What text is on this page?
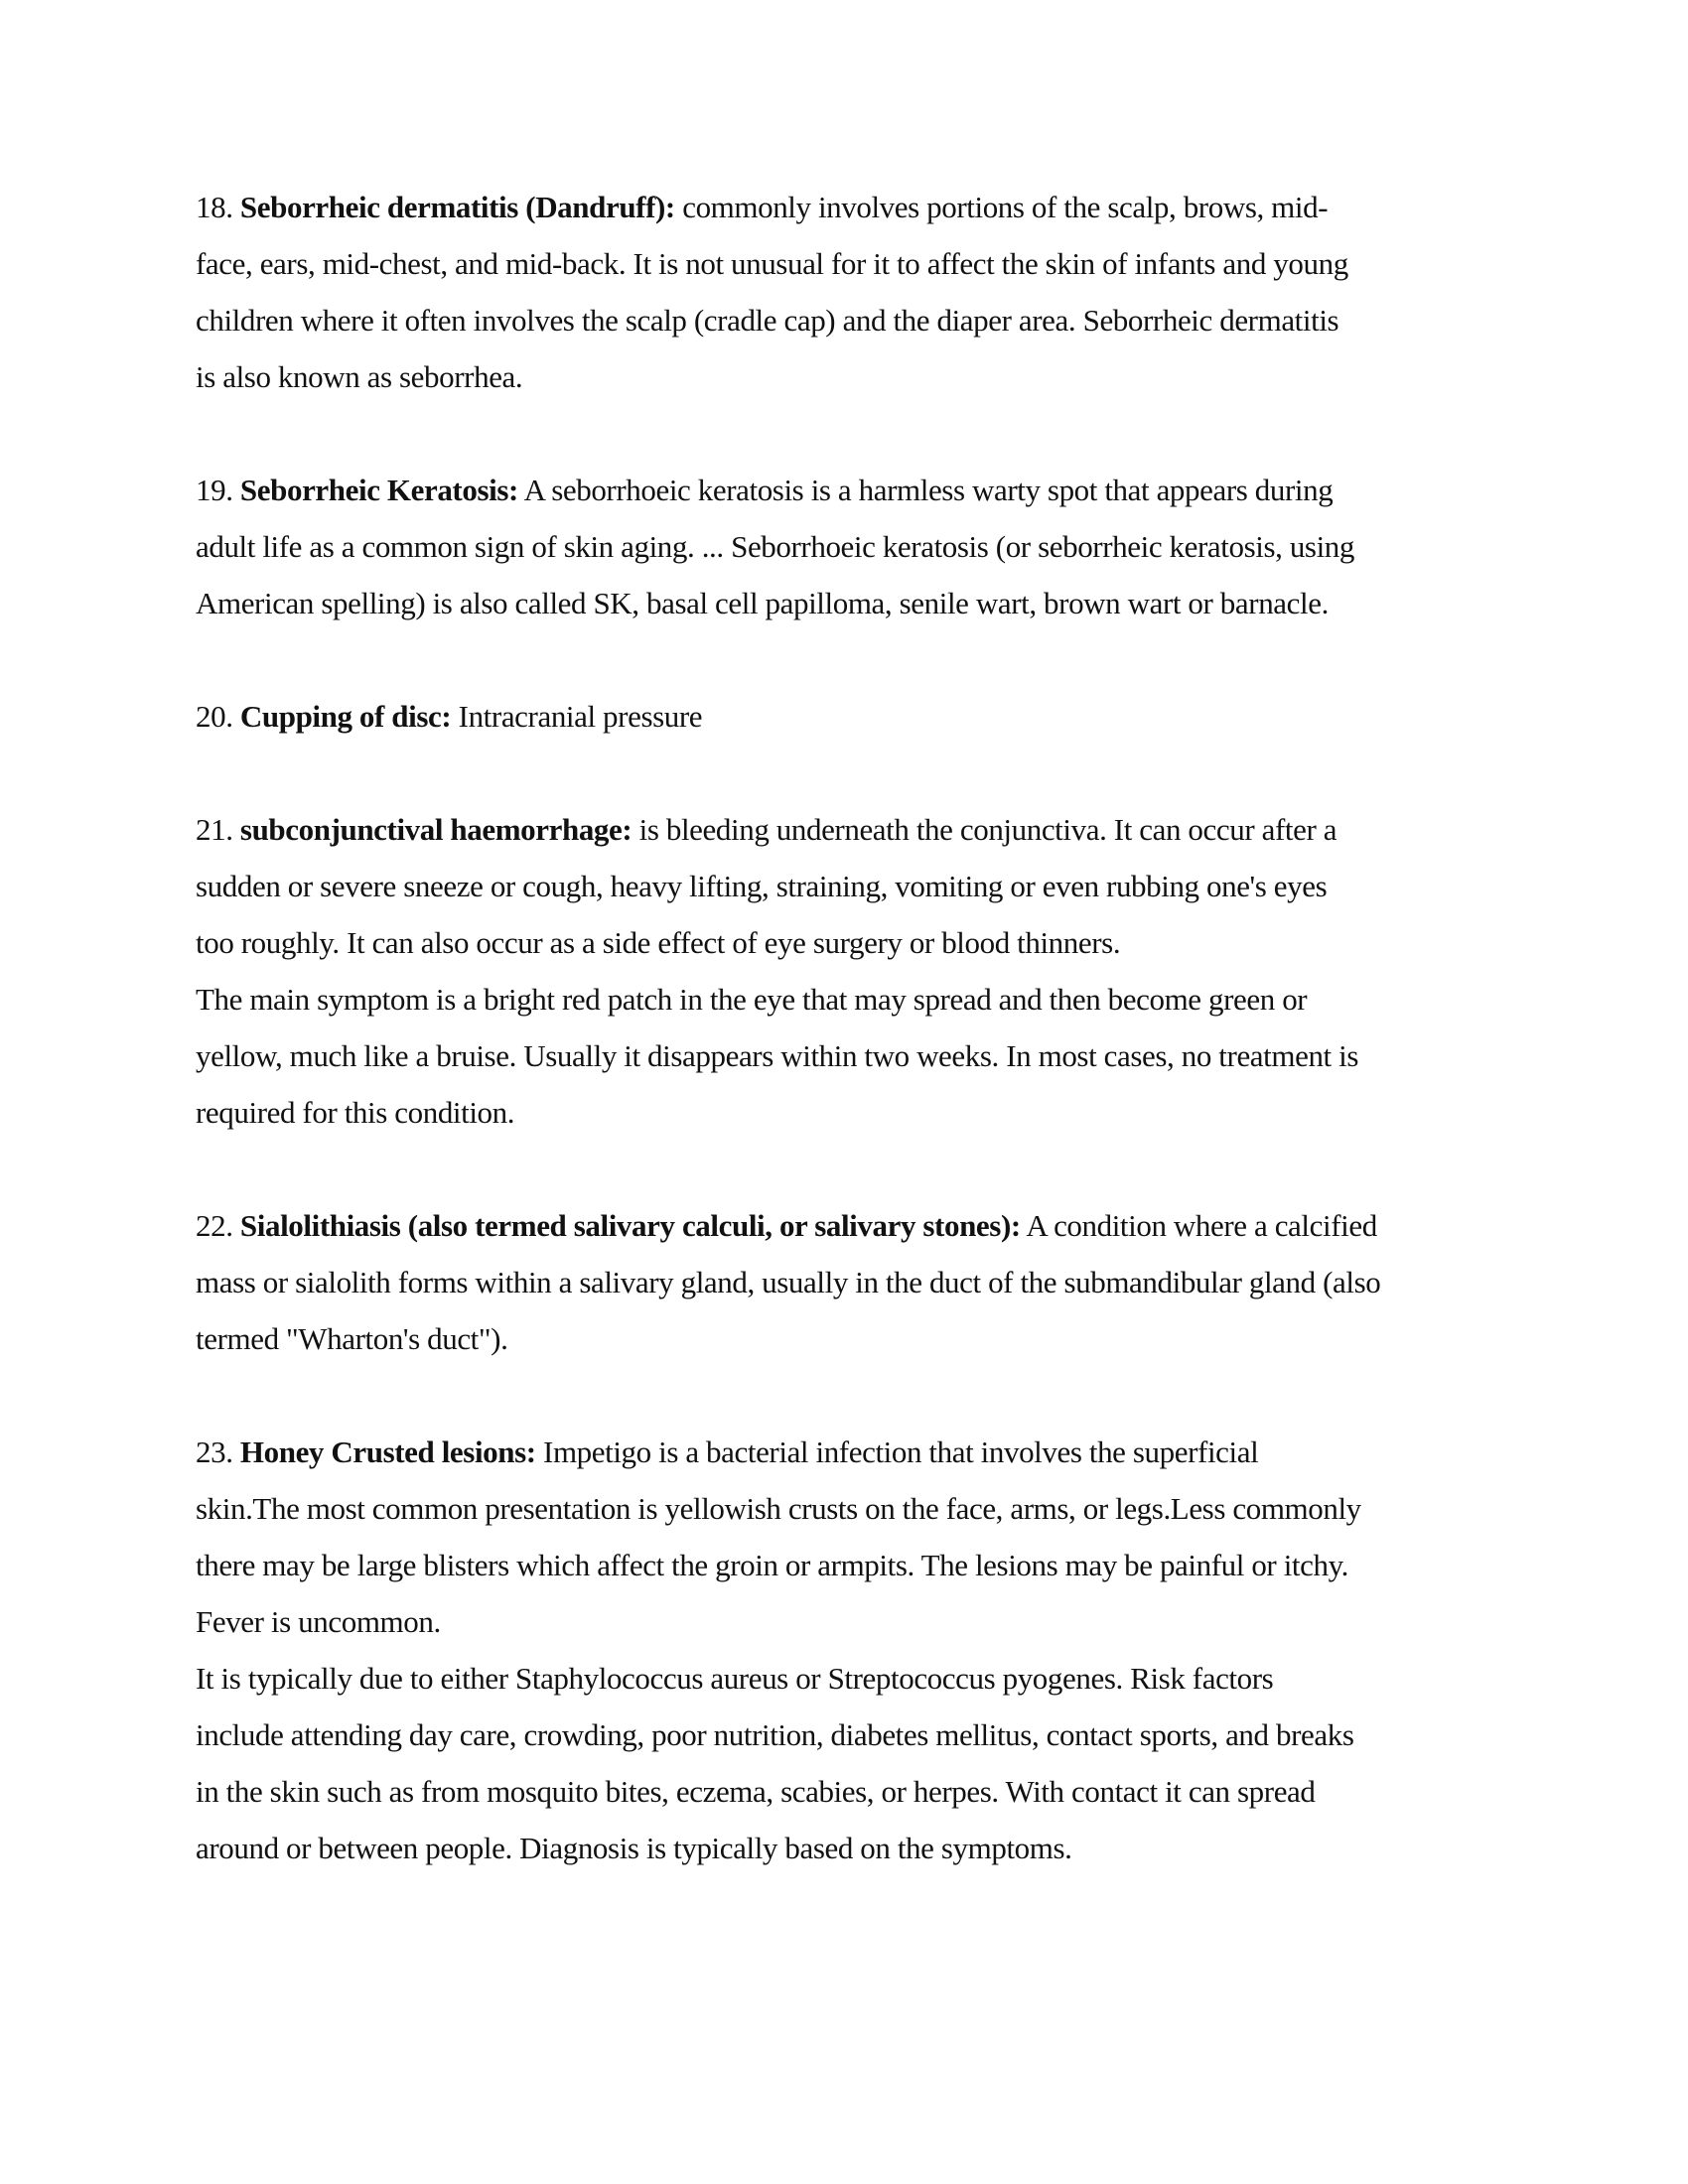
18. Seborrheic dermatitis (Dandruff): commonly involves portions of the scalp, brows, mid-
face, ears, mid-chest, and mid-back. It is not unusual for it to affect the skin of infants and young
children where it often involves the scalp (cradle cap) and the diaper area. Seborrheic dermatitis
is also known as seborrhea.
19. Seborrheic Keratosis: A seborrhoeic keratosis is a harmless warty spot that appears during
adult life as a common sign of skin aging. ... Seborrhoeic keratosis (or seborrheic keratosis, using
American spelling) is also called SK, basal cell papilloma, senile wart, brown wart or barnacle.
20. Cupping of disc: Intracranial pressure
21. subconjunctival haemorrhage: is bleeding underneath the conjunctiva. It can occur after a
sudden or severe sneeze or cough, heavy lifting, straining, vomiting or even rubbing one's eyes
too roughly. It can also occur as a side effect of eye surgery or blood thinners.
The main symptom is a bright red patch in the eye that may spread and then become green or
yellow, much like a bruise. Usually it disappears within two weeks. In most cases, no treatment is
required for this condition.
22. Sialolithiasis (also termed salivary calculi, or salivary stones): A condition where a calcified
mass or sialolith forms within a salivary gland, usually in the duct of the submandibular gland (also
termed "Wharton's duct").
23. Honey Crusted lesions: Impetigo is a bacterial infection that involves the superficial
skin.The most common presentation is yellowish crusts on the face, arms, or legs.Less commonly
there may be large blisters which affect the groin or armpits. The lesions may be painful or itchy.
Fever is uncommon.
It is typically due to either Staphylococcus aureus or Streptococcus pyogenes. Risk factors
include attending day care, crowding, poor nutrition, diabetes mellitus, contact sports, and breaks
in the skin such as from mosquito bites, eczema, scabies, or herpes. With contact it can spread
around or between people. Diagnosis is typically based on the symptoms.
